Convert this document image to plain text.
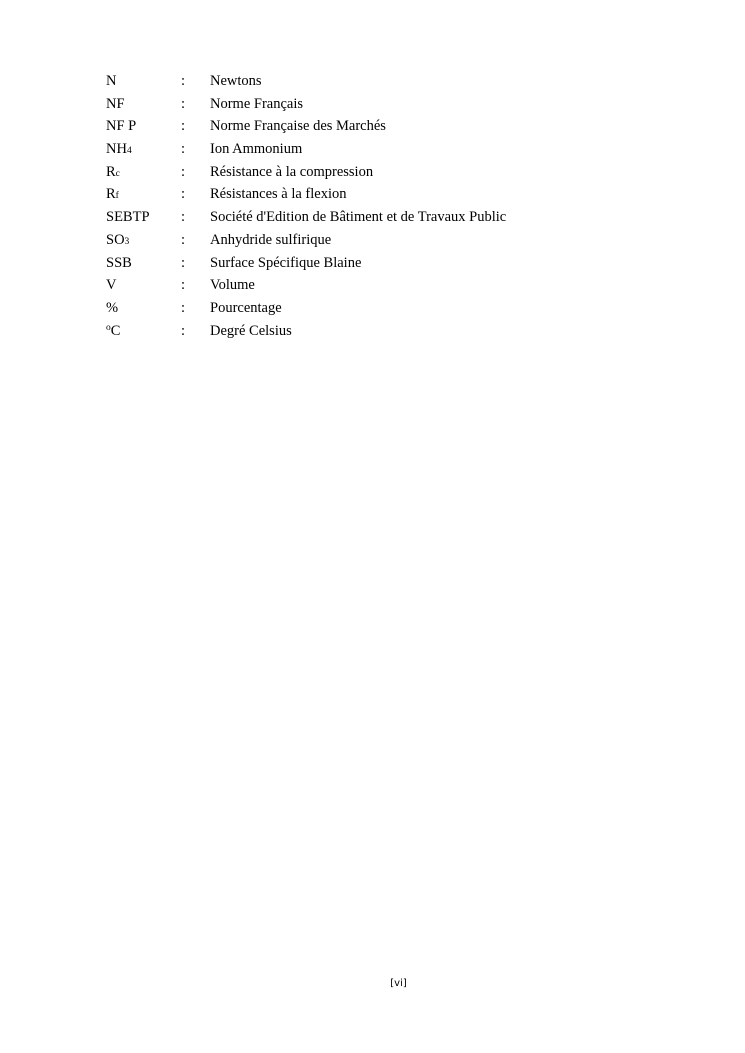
N	: Newtons
NF	: Norme Français
NF P	: Norme Française des Marchés
NH4	: Ion Ammonium
Rc	: Résistance à la compression
Rf	: Résistances à la flexion
SEBTP : Société d'Edition de Bâtiment et de Travaux Public
SO3	: Anhydride sulfirique
SSB	: Surface Spécifique Blaine
V	: Volume
%	: Pourcentage
$^o$C	: Degré Celsius
[vi]
